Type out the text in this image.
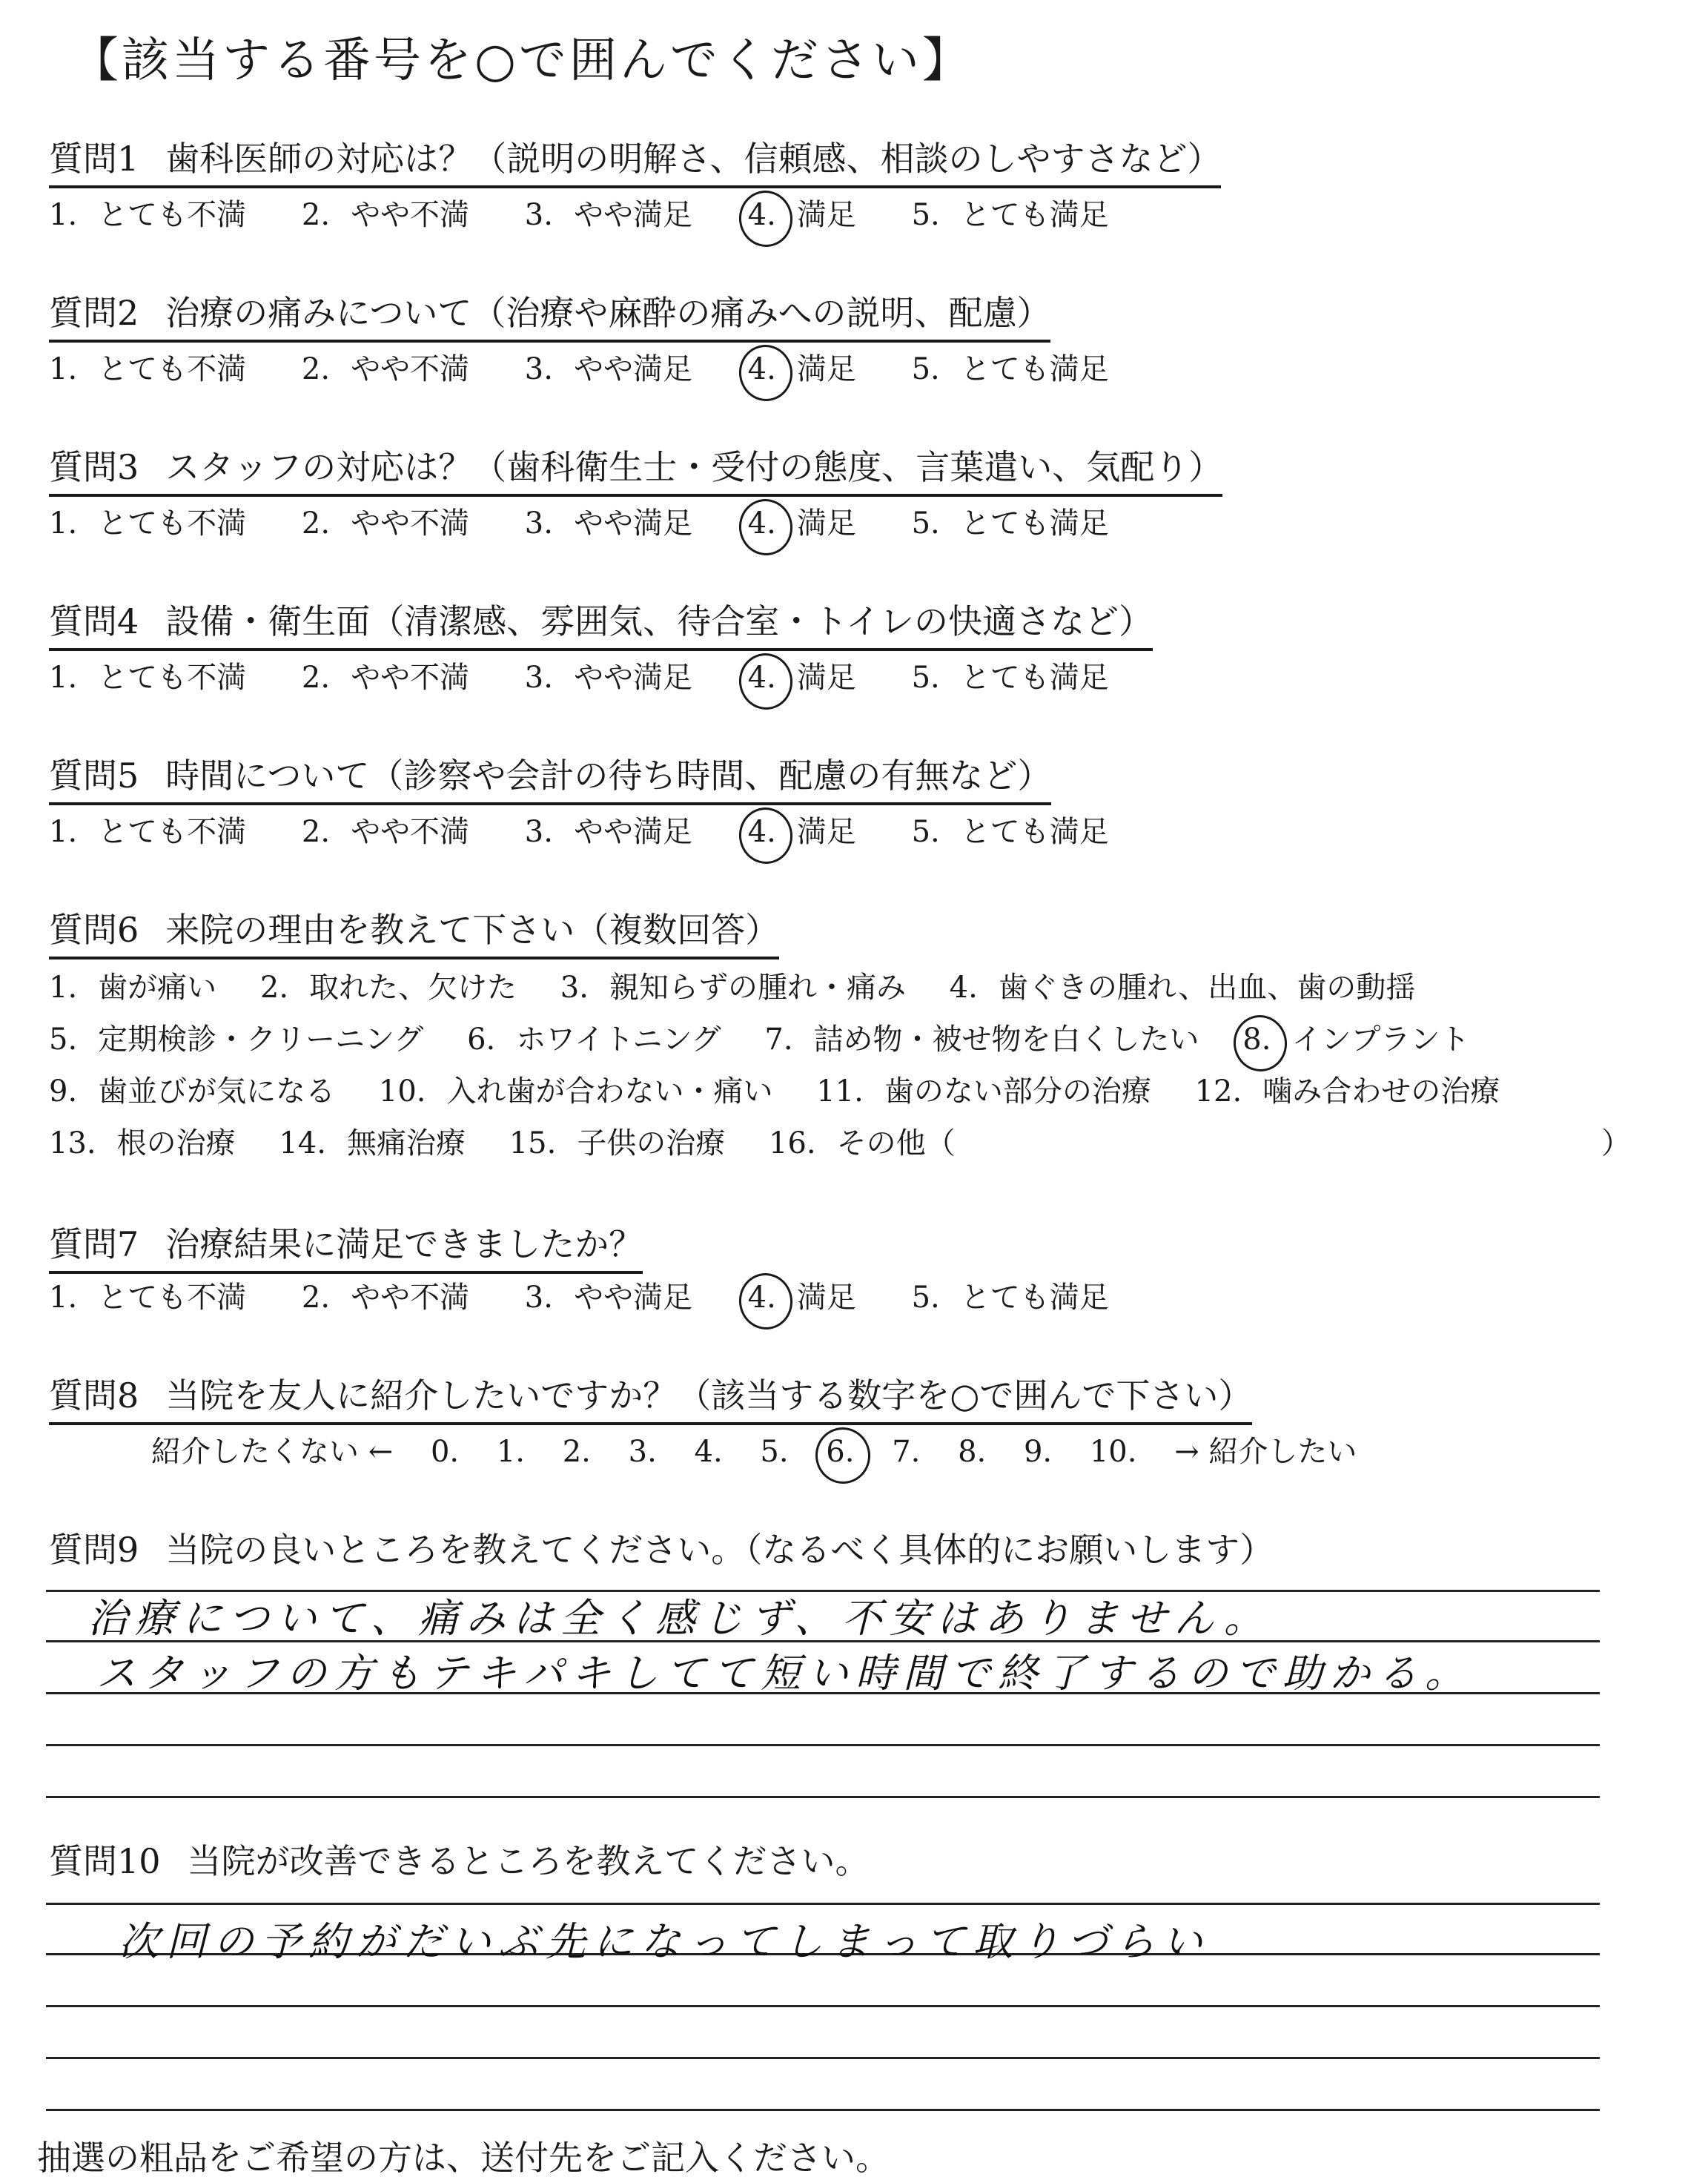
【該当する番号を○で囲んでください】
質問1 歯科医師の対応は？（説明の明解さ、信頼感、相談のしやすさなど）
1. とても不満 2. やや不満 3. やや満足 4. 満足 5. とても満足
質問2 治療の痛みについて（治療や麻酔の痛みへの説明、配慮）
1. とても不満 2. やや不満 3. やや満足 4. 満足 5. とても満足
質問3 スタッフの対応は？（歯科衛生士・受付の態度、言葉遣い、気配り）
1. とても不満 2. やや不満 3. やや満足 4. 満足 5. とても満足
質問4 設備・衛生面（清潔感、雰囲気、待合室・トイレの快適さなど）
1. とても不満 2. やや不満 3. やや満足 4. 満足 5. とても満足
質問5 時間について（診察や会計の待ち時間、配慮の有無など）
1. とても不満 2. やや不満 3. やや満足 4. 満足 5. とても満足
質問6 来院の理由を教えて下さい（複数回答）
1. 歯が痛い 2. 取れた、欠けた 3. 親知らずの腫れ・痛み 4. 歯ぐきの腫れ、出血、歯の動揺
5. 定期検診・クリーニング 6. ホワイトニング 7. 詰め物・被せ物を白くしたい 8. インプラント
9. 歯並びが気になる 10. 入れ歯が合わない・痛い 11. 歯のない部分の治療 12. 噛み合わせの治療
13. 根の治療 14. 無痛治療 15. 子供の治療 16. その他（	）
質問7 治療結果に満足できましたか？
1. とても不満 2. やや不満 3. やや満足 4. 満足 5. とても満足
質問8 当院を友人に紹介したいですか？（該当する数字を○で囲んで下さい）
紹介したくない ← 0. 1. 2. 3. 4. 5. 6. 7. 8. 9. 10. → 紹介したい
質問9 当院の良いところを教えてください。（なるべく具体的にお願いします）
治療について、痛みは全く感じず、不安はありません。
スタッフの方もテキパキしてて短い時間で終了するので助かる。
質問10 当院が改善できるところを教えてください。
次回の予約がだいぶ先になってしまって取りづらい
抽選の粗品をご希望の方は、送付先をご記入ください。
